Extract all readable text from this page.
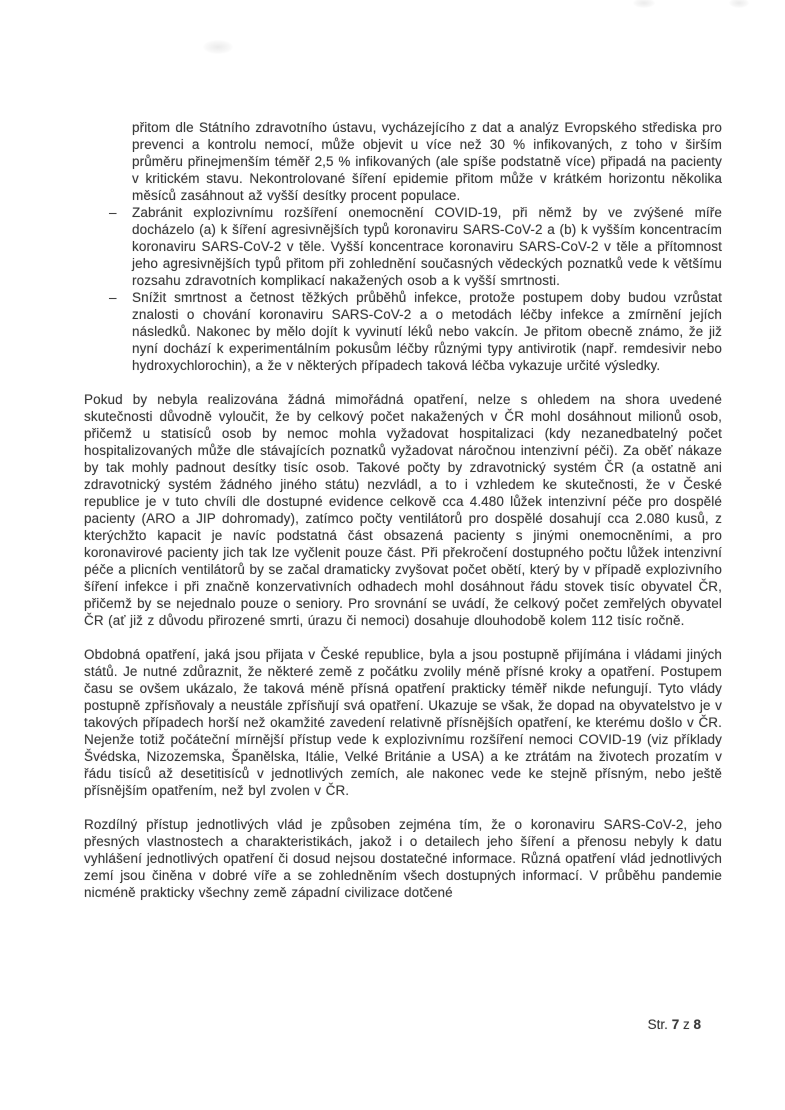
přitom dle Státního zdravotního ústavu, vycházejícího z dat a analýz Evropského střediska pro prevenci a kontrolu nemocí, může objevit u více než 30 % infikovaných, z toho v širším průměru přinejmenším téměř 2,5 % infikovaných (ale spíše podstatně více) připadá na pacienty v kritickém stavu. Nekontrolované šíření epidemie přitom může v krátkém horizontu několika měsíců zasáhnout až vyšší desítky procent populace.

– Zabránit explozivnímu rozšíření onemocnění COVID-19, při němž by ve zvýšené míře docházelo (a) k šíření agresivnějších typů koronaviru SARS-CoV-2 a (b) k vyšším koncentracím koronaviru SARS-CoV-2 v těle. Vyšší koncentrace koronaviru SARS-CoV-2 v těle a přítomnost jeho agresivnějších typů přitom při zohlednění současných vědeckých poznatků vede k většímu rozsahu zdravotních komplikací nakažených osob a k vyšší smrtnosti.

– Snížit smrtnost a četnost těžkých průběhů infekce, protože postupem doby budou vzrůstat znalosti o chování koronaviru SARS-CoV-2 a o metodách léčby infekce a zmírnění jejích následků. Nakonec by mělo dojít k vyvinutí léků nebo vakcín. Je přitom obecně známo, že již nyní dochází k experimentálním pokusům léčby různými typy antivirotik (např. remdesivir nebo hydroxychlorochin), a že v některých případech taková léčba vykazuje určité výsledky.

Pokud by nebyla realizována žádná mimořádná opatření, nelze s ohledem na shora uvedené skutečnosti důvodně vyloučit, že by celkový počet nakažených v ČR mohl dosáhnout milionů osob, přičemž u statisíců osob by nemoc mohla vyžadovat hospitalizaci (kdy nezanedbatelný počet hospitalizovaných může dle stávajících poznatků vyžadovat náročnou intenzivní péči). Za oběť nákaze by tak mohly padnout desítky tisíc osob. Takové počty by zdravotnický systém ČR (a ostatně ani zdravotnický systém žádného jiného státu) nezvládl, a to i vzhledem ke skutečnosti, že v České republice je v tuto chvíli dle dostupné evidence celkově cca 4.480 lůžek intenzivní péče pro dospělé pacienty (ARO a JIP dohromady), zatímco počty ventilátorů pro dospělé dosahují cca 2.080 kusů, z kterýchžto kapacit je navíc podstatná část obsazená pacienty s jinými onemocněními, a pro koronavirové pacienty jich tak lze vyčlenit pouze část. Při překročení dostupného počtu lůžek intenzivní péče a plicních ventilátorů by se začal dramaticky zvyšovat počet obětí, který by v případě explozivního šíření infekce i při značně konzervativních odhadech mohl dosáhnout řádu stovek tisíc obyvatel ČR, přičemž by se nejednalo pouze o seniory. Pro srovnání se uvádí, že celkový počet zemřelých obyvatel ČR (ať již z důvodu přirozené smrti, úrazu či nemoci) dosahuje dlouhodobě kolem 112 tisíc ročně.

Obdobná opatření, jaká jsou přijata v České republice, byla a jsou postupně přijímána i vládami jiných států. Je nutné zdůraznit, že některé země z počátku zvolily méně přísné kroky a opatření. Postupem času se ovšem ukázalo, že taková méně přísná opatření prakticky téměř nikde nefungují. Tyto vlády postupně zpřísňovaly a neustále zpřísňují svá opatření. Ukazuje se však, že dopad na obyvatelstvo je v takových případech horší než okamžité zavedení relativně přísnějších opatření, ke kterému došlo v ČR. Nejenže totiž počáteční mírnější přístup vede k explozivnímu rozšíření nemoci COVID-19 (viz příklady Švédska, Nizozemska, Španělska, Itálie, Velké Británie a USA) a ke ztrátám na životech prozatím v řádu tisíců až desetitisíců v jednotlivých zemích, ale nakonec vede ke stejně přísným, nebo ještě přísnějším opatřením, než byl zvolen v ČR.

Rozdílný přístup jednotlivých vlád je způsoben zejména tím, že o koronaviru SARS-CoV-2, jeho přesných vlastnostech a charakteristikách, jakož i o detailech jeho šíření a přenosu nebyly k datu vyhlášení jednotlivých opatření či dosud nejsou dostatečné informace. Různá opatření vlád jednotlivých zemí jsou činěna v dobré víře a se zohledněním všech dostupných informací. V průběhu pandemie nicméně prakticky všechny země západní civilizace dotčené

Str. 7 z 8
